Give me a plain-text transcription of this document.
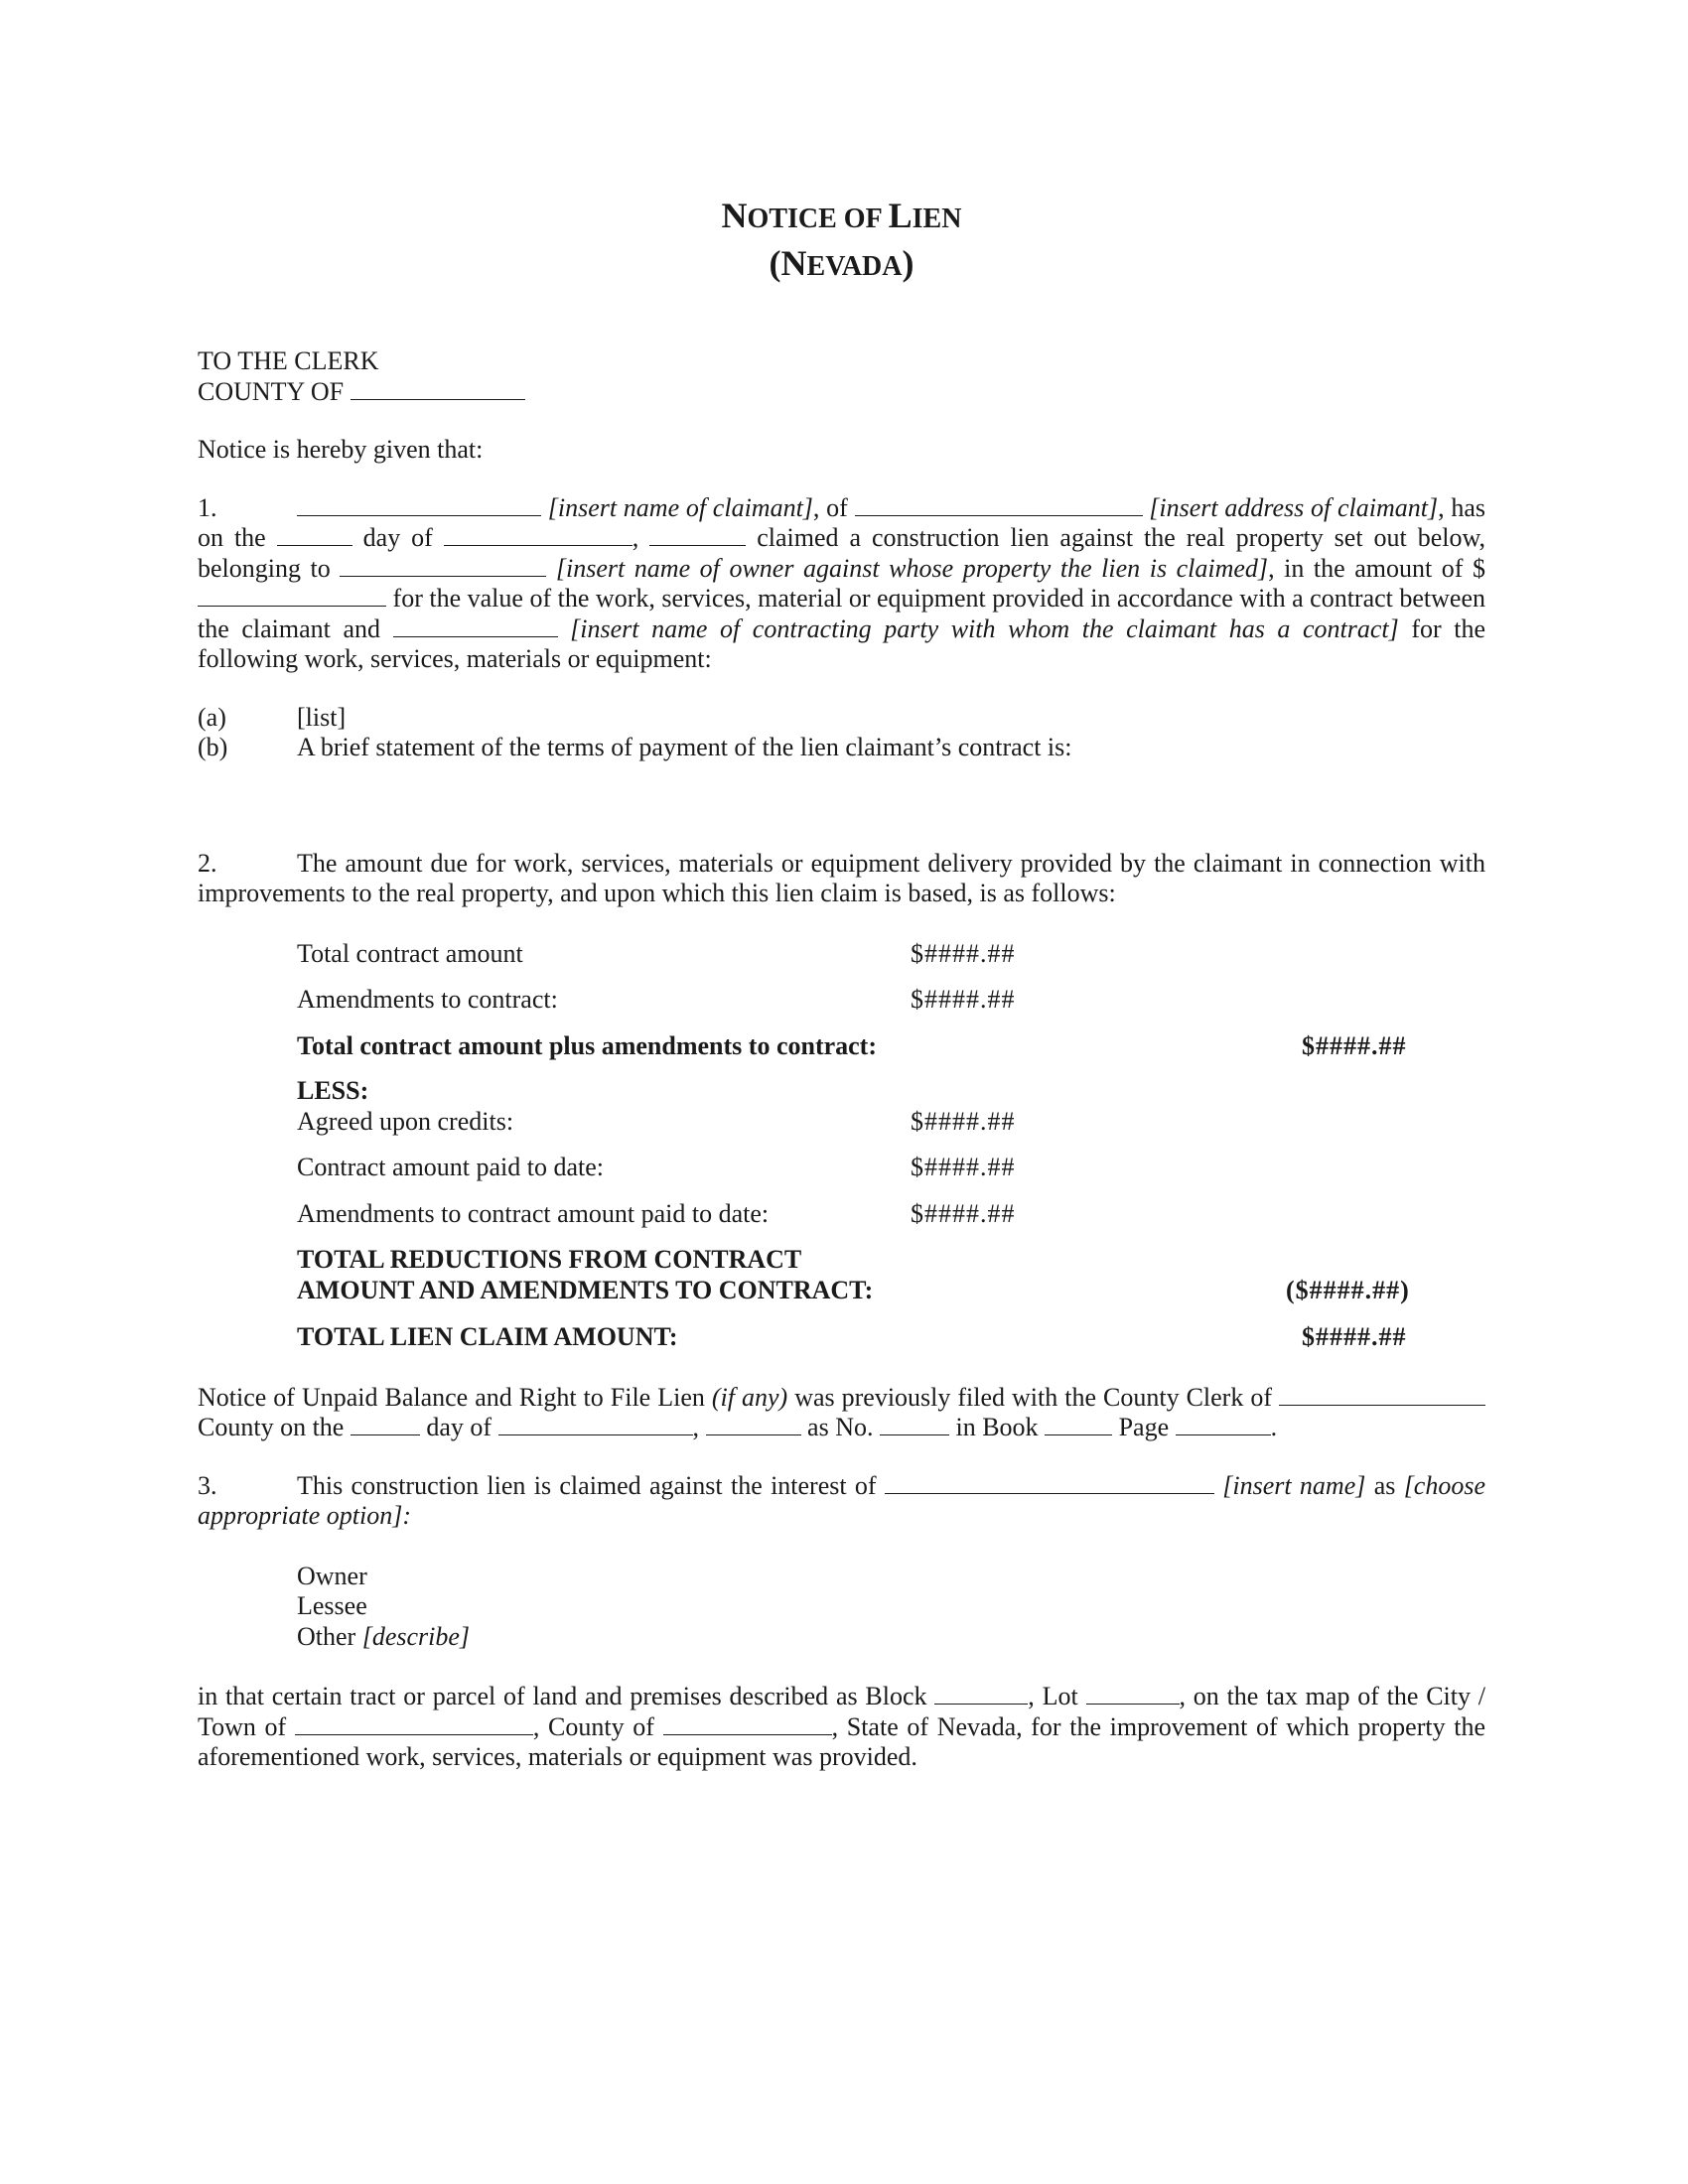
NOTICE OF LIEN
(NEVADA)

TO THE CLERK

COUNTY OF

Notice is hereby given that:

1.	[insert name of claimant], of	[insert address of claimant], has on the	day of	,	claimed a construction lien against the real property set out below, belonging to	[insert name of owner against whose property the lien is claimed], in the amount of $ for the value of the work, services, material or equipment provided in accordance with a contract between the claimant and	[insert name of contracting party with whom the claimant has a contract] for the following work, services, materials or equipment:

(a)	[list]
(b)	A brief statement of the terms of payment of the lien claimant’s contract is:

2.	The amount due for work, services, materials or equipment delivery provided by the claimant in connection with improvements to the real property, and upon which this lien claim is based, is as follows:

Total contract amount	$####.##
Amendments to contract:	$####.##
Total contract amount plus amendments to contract:	$####.##
LESS:
Agreed upon credits:	$####.##
Contract amount paid to date:	$####.##
Amendments to contract amount paid to date:	$####.##
TOTAL REDUCTIONS FROM CONTRACT
AMOUNT AND AMENDMENTS TO CONTRACT:	($####.##)
TOTAL LIEN CLAIM AMOUNT:	$####.##

Notice of Unpaid Balance and Right to File Lien (if any) was previously filed with the County Clerk of  County on the	day of	,	as No.	in Book	Page	.

3.	This construction lien is claimed against the interest of	[insert name] as [choose appropriate option]:

Owner

Lessee

Other [describe]

in that certain tract or parcel of land and premises described as Block	, Lot	, on the tax map of the City / Town of	, County of	, State of Nevada, for the improvement of which property the aforementioned work, services, materials or equipment was provided.
